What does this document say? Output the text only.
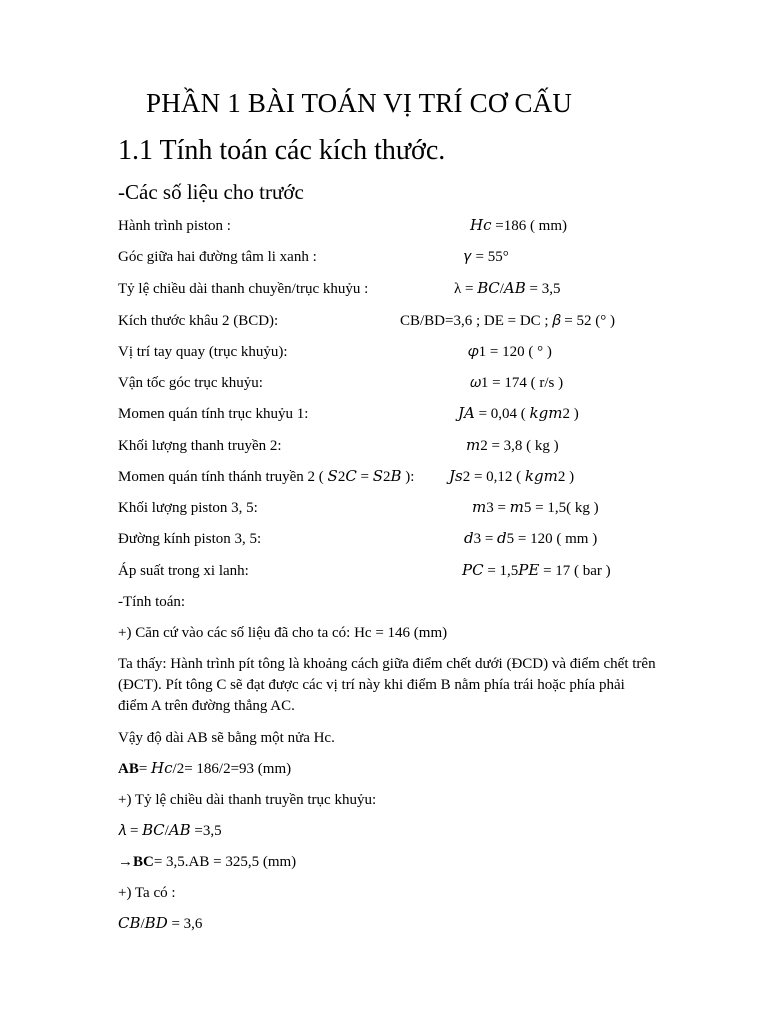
PHẦN 1 BÀI TOÁN VỊ TRÍ CƠ CẤU
1.1 Tính toán các kích thước.
-Các số liệu cho trước
Hành trình piston :	𝐻𝑐 =186 ( mm)
Góc giữa hai đường tâm li xanh :	𝛾 = 55°
Tỷ lệ chiều dài thanh chuyền/trục khuỷu :	λ = 𝐵𝐶/𝐴𝐵 = 3,5
Kích thước khâu 2 (BCD):	CB/BD=3,6 ; DE = DC ; 𝛽 = 52 (° )
Vị trí tay quay (trục khuỷu):	𝜑1 = 120 ( ° )
Vận tốc góc trục khuỷu:	𝜔1 = 174 ( r/s )
Momen quán tính trục khuỷu 1:	𝐽𝐴 = 0,04 ( 𝑘𝑔𝑚2 )
Khối lượng thanh truyền 2:	𝑚2 = 3,8 ( kg )
Momen quán tính thánh truyền 2 ( 𝑆2𝐶 = 𝑆2𝐵 ): 𝐽𝑠2 = 0,12 ( 𝑘𝑔𝑚2 )
Khối lượng piston 3, 5:	𝑚3 = 𝑚5 = 1,5( kg )
Đường kính piston 3, 5:	𝑑3 = 𝑑5 = 120 ( mm )
Áp suất trong xi lanh:	𝑃𝐶 = 1,5𝑃𝐸 = 17 ( bar )
-Tính toán:
+) Căn cứ vào các số liệu đã cho ta có: Hc = 146 (mm)
Ta thấy: Hành trình pít tông là khoảng cách giữa điểm chết dưới (ĐCD) và điểm chết trên (ĐCT). Pít tông C sẽ đạt được các vị trí này khi điểm B nằm phía trái hoặc phía phải điểm A trên đường thẳng AC.
Vậy độ dài AB sẽ bằng một nửa Hc.
AB= 𝐻𝑐/2= 186/2=93 (mm)
+) Tỷ lệ chiều dài thanh truyền trục khuỷu:
𝜆 = 𝐵𝐶/𝐴𝐵 =3,5
→BC= 3,5.AB = 325,5 (mm)
+) Ta có :
𝐶𝐵/𝐵𝐷 = 3,6
